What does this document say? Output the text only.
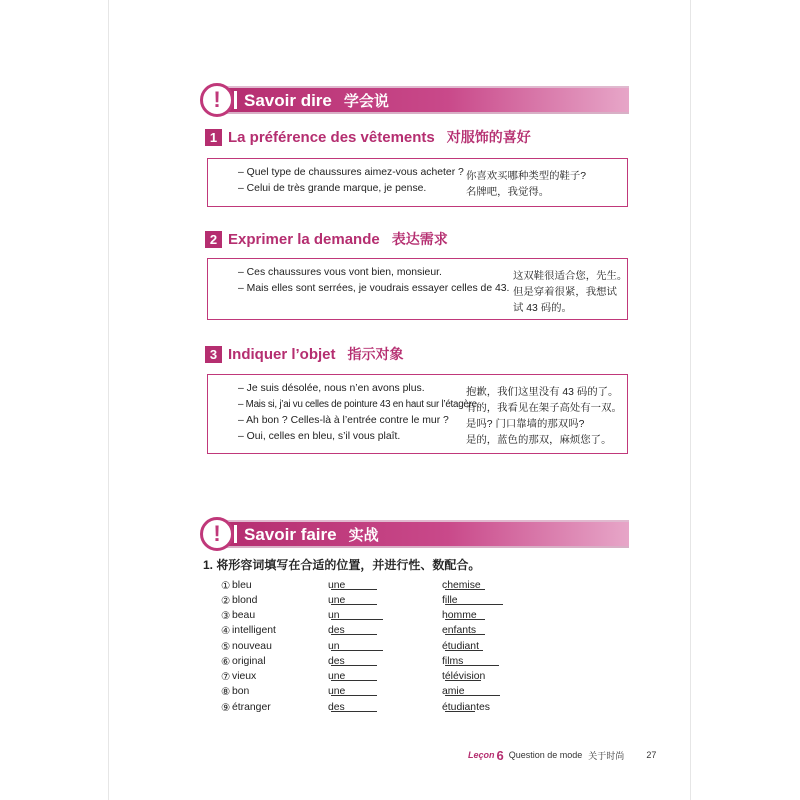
! Savoir dire 学会说
1 La préférence des vêtements 对服饰的喜好
– Quel type de chaussures aimez-vous acheter ? 你喜欢买哪种类型的鞋子?
– Celui de très grande marque, je pense.	名牌吧，我觉得。
2 Exprimer la demande 表达需求
– Ces chaussures vous vont bien, monsieur.	这双鞋很适合您，先生。
– Mais elles sont serrées, je voudrais essayer celles de 43. 但是穿着很紧，我想试
试 43 码的。
3 Indiquer l’objet 指示对象
– Je suis désolée, nous n’en avons plus.	抱歉，我们这里没有 43 码的了。
– Mais si, j’ai vu celles de pointure 43 en haut sur l’étagère.
有的，我看见在架子高处有一双。
– Ah bon ? Celles-là à l’entrée contre le mur ? 是吗? 门口靠墙的那双吗?
– Oui, celles en bleu, s’il vous plaît.	是的，蓝色的那双，麻烦您了。
! Savoir faire 实战
1. 将形容词填写在合适的位置，并进行性、数配合。
① bleu	une	chemise
② blond	une	fille
③ beau	un	homme
④ intelligent	des	enfants
⑤ nouveau	un	étudiant
⑥ original	des	films
⑦ vieux	une	télévision
⑧ bon	une	amie
⑨ étranger	des	étudiantes
Leçon 6 Question de mode 关于时尚 27
